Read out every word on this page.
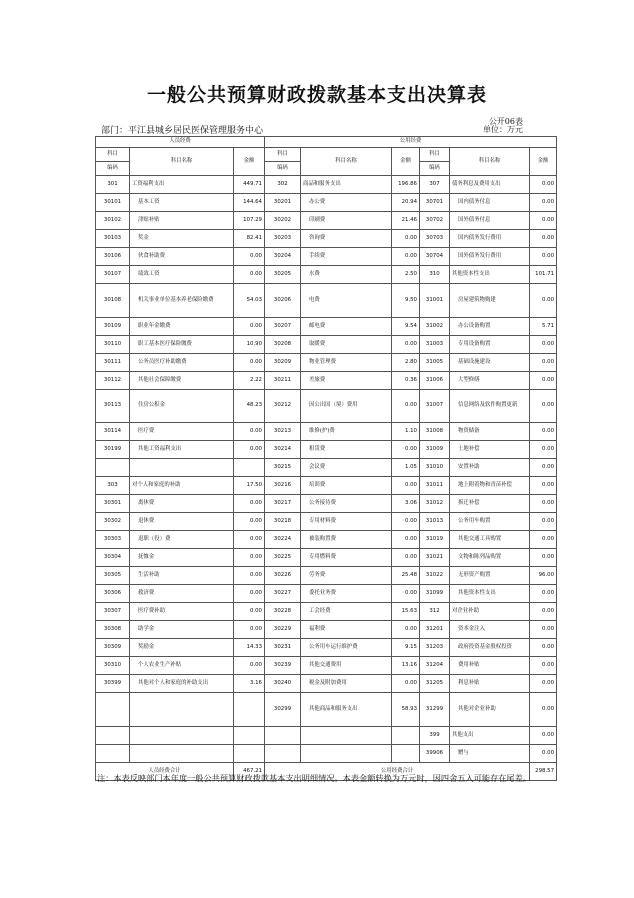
一般公共预算财政拨款基本支出决算表
公开06表
部门：平江县城乡居民医保管理服务中心	单位：万元
人员经费			公用经费					
科目	科目名称	金额	科目	科目名称	金额	科目	科目名称	金额
编码			编码			编码		
301	工资福利支出	449.71	302	商品和服务支出	196.86	307	债务利息及费用支出	0.00
30101	基本工资	144.64	30201	办公费	20.94	30701	国内债务付息	0.00
30102	津贴补贴	107.29	30202	印刷费	21.46	30702	国外债务付息	0.00
30103	奖金	82.41	30203	咨询费	0.00	30703	国内债务发行费用	0.00
30106	伙食补助费	0.00	30204	手续费	0.00	30704	国外债务发行费用	0.00
30107	绩效工资	0.00	30205	水费	2.50	310	其他资本性支出	101.71
30108	机关事业单位基本养老保险缴费	54.03	30206	电费	9.50	31001	房屋建筑物购建	0.00
30109	职业年金缴费	0.00	30207	邮电费	9.54	31002	办公设备购置	5.71
30110	职工基本医疗保险缴费	10.90	30208	取暖费	0.00	31003	专用设备购置	0.00
30111	公务员医疗补助缴费	0.00	30209	物业管理费	2.80	31005	基础设施建设	0.00
30112	其他社会保障缴费	2.22	30211	差旅费	0.36	31006	大型修缮	0.00
30113	住房公积金	48.23	30212	因公出国（境）费用	0.00	31007	信息网络及软件购置更新	0.00
30114	医疗费	0.00	30213	维修(护)费	1.10	31008	物资储备	0.00
30199	其他工资福利支出	0.00	30214	租赁费	0.00	31009	土地补偿	0.00
			30215	会议费	1.05	31010	安置补助	0.00
303	对个人和家庭的补助	17.50	30216	培训费	0.00	31011	地上附着物和青苗补偿	0.00
30301	离休费	0.00	30217	公务接待费	3.06	31012	拆迁补偿	0.00
30302	退休费	0.00	30218	专用材料费	0.00	31013	公务用车购置	0.00
30303	退职（役）费	0.00	30224	被装购置费	0.00	31019	其他交通工具购置	0.00
30304	抚恤金	0.00	30225	专用燃料费	0.00	31021	文物和陈列品购置	0.00
30305	生活补助	0.00	30226	劳务费	25.48	31022	无形资产购置	96.00
30306	救济费	0.00	30227	委托业务费	0.00	31099	其他资本性支出	0.00
30307	医疗费补助	0.00	30228	工会经费	15.63	312	对企业补助	0.00
30308	助学金	0.00	30229	福利费	0.00	31201	资本金注入	0.00
30309	奖励金	14.33	30231	公务用车运行维护费	9.15	31203	政府投资基金股权投资	0.00
30310	个人农业生产补贴	0.00	30239	其他交通费用	13.16	31204	费用补贴	0.00
30399	其他对个人和家庭的补助支出	3.16	30240	税金及附加费用	0.00	31205	利息补贴	0.00
			30299	其他商品和服务支出	58.93	31299	其他对企业补助	0.00
						399	其他支出	0.00
						39906	赠与	0.00
人员经费合计		467.21	公用经费合计					298.57
注：本表反映部门本年度一般公共预算财政拨款基本支出明细情况。本表金额转换为万元时，因四舍五入可能存在尾差。
